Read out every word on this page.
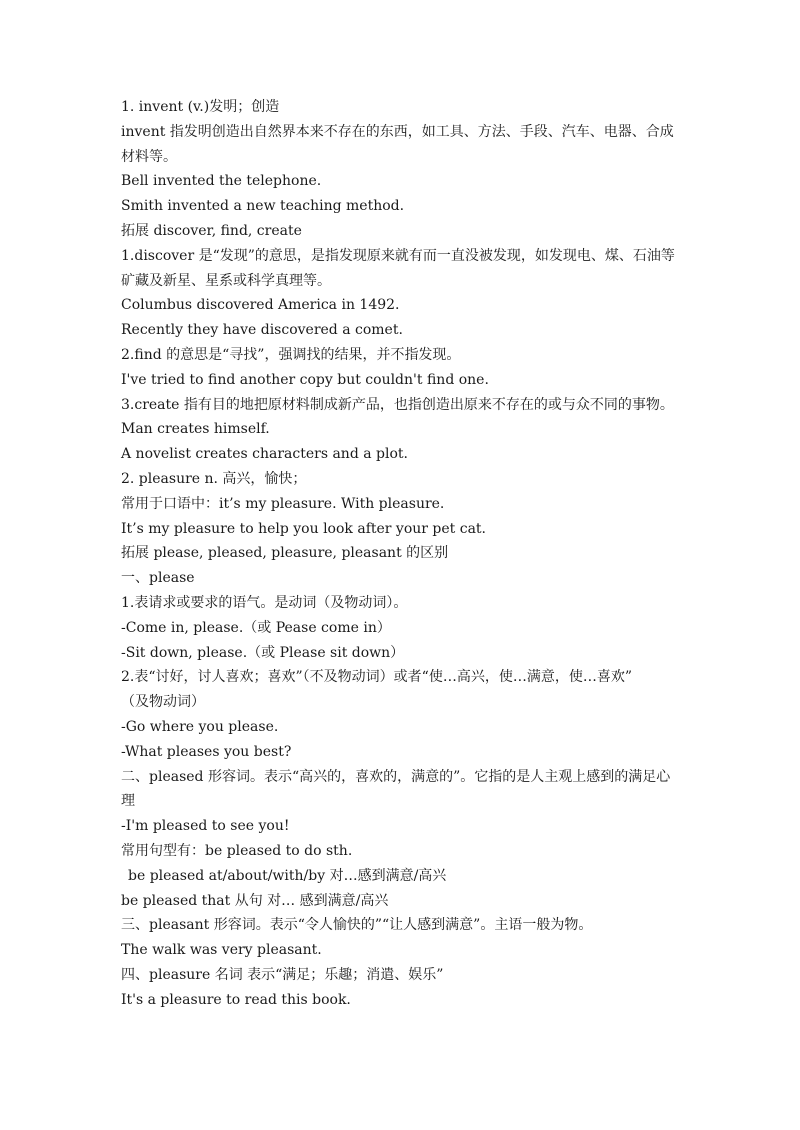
1. invent (v.)发明；创造
invent 指发明创造出自然界本来不存在的东西，如工具、方法、手段、汽车、电器、合成
材料等。
Bell invented the telephone.
Smith invented a new teaching method.
拓展 discover, find, create
1.discover 是“发现”的意思，是指发现原来就有而一直没被发现，如发现电、煤、石油等
矿藏及新星、星系或科学真理等。
Columbus discovered America in 1492.
Recently they have discovered a comet.
2.find 的意思是“寻找”，强调找的结果，并不指发现。
I've tried to find another copy but couldn't find one.
3.create 指有目的地把原材料制成新产品，也指创造出原来不存在的或与众不同的事物。
Man creates himself.
A novelist creates characters and a plot.
2. pleasure n. 高兴，愉快；
常用于口语中：it’s my pleasure. With pleasure.
It’s my pleasure to help you look after your pet cat.
拓展 please, pleased, pleasure, pleasant 的区别
一、please
1.表请求或要求的语气。是动词（及物动词）。
-Come in, please.（或 Pease come in）
-Sit down, please.（或 Please sit down）
2.表“讨好，讨人喜欢；喜欢”（不及物动词）或者“使…高兴，使…满意，使…喜欢”
（及物动词）
-Go where you please.
-What pleases you best?
二、pleased 形容词。表示“高兴的，喜欢的，满意的”。它指的是人主观上感到的满足心
理
-I'm pleased to see you!
常用句型有：be pleased to do sth.
be pleased at/about/with/by 对…感到满意/高兴
be pleased that 从句 对… 感到满意/高兴
三、pleasant 形容词。表示“令人愉快的”“让人感到满意”。主语一般为物。
The walk was very pleasant.
四、pleasure 名词 表示“满足；乐趣；消遣、娱乐”
It's a pleasure to read this book.
